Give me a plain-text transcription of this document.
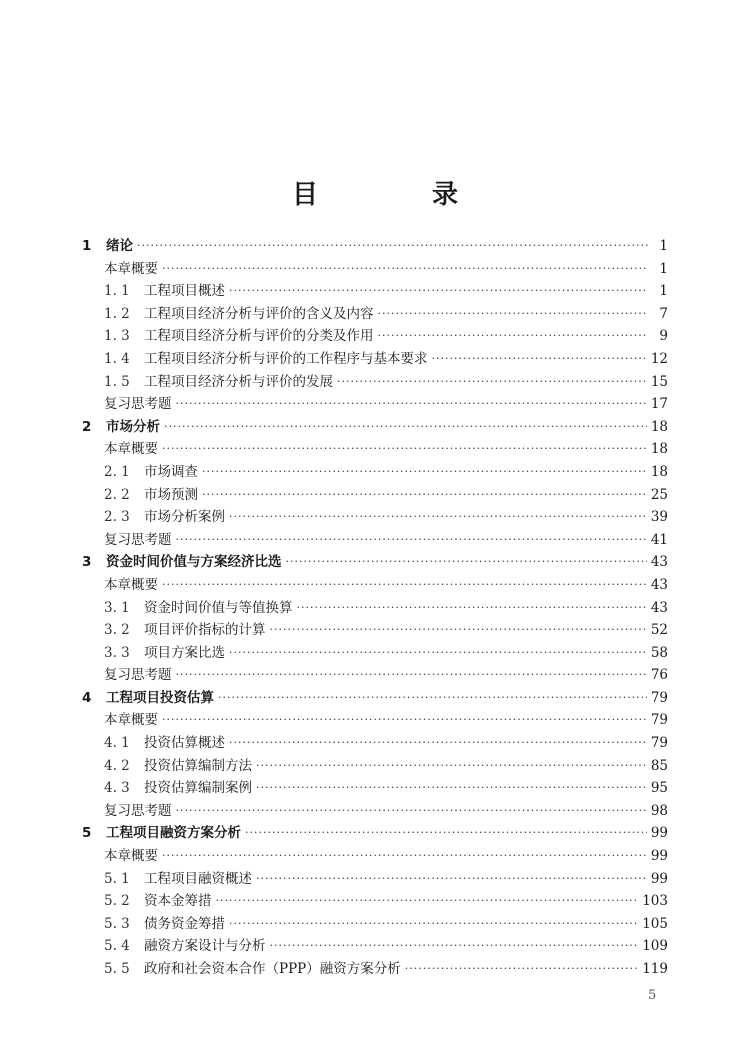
目　录
1	绪论 ·····	1
本章概要 ·····	1
1. 1	工程项目概述 ·····	1
1. 2	工程项目经济分析与评价的含义及内容 ·····	7
1. 3	工程项目经济分析与评价的分类及作用 ·····	9
1. 4	工程项目经济分析与评价的工作程序与基本要求 ·····	12
1. 5	工程项目经济分析与评价的发展 ·····	15
复习思考题 ·····	17
2	市场分析 ·····	18
本章概要 ·····	18
2. 1	市场调查 ·····	18
2. 2	市场预测 ·····	25
2. 3	市场分析案例 ·····	39
复习思考题 ·····	41
3	资金时间价值与方案经济比选 ·····	43
本章概要 ·····	43
3. 1	资金时间价值与等值换算 ·····	43
3. 2	项目评价指标的计算 ·····	52
3. 3	项目方案比选 ·····	58
复习思考题 ·····	76
4	工程项目投资估算 ·····	79
本章概要 ·····	79
4. 1	投资估算概述 ·····	79
4. 2	投资估算编制方法 ·····	85
4. 3	投资估算编制案例 ·····	95
复习思考题 ·····	98
5	工程项目融资方案分析 ·····	99
本章概要 ·····	99
5. 1	工程项目融资概述 ·····	99
5. 2	资本金筹措 ·····	103
5. 3	债务资金筹措 ·····	105
5. 4	融资方案设计与分析 ·····	109
5. 5	政府和社会资本合作（PPP）融资方案分析 ·····	119
5
